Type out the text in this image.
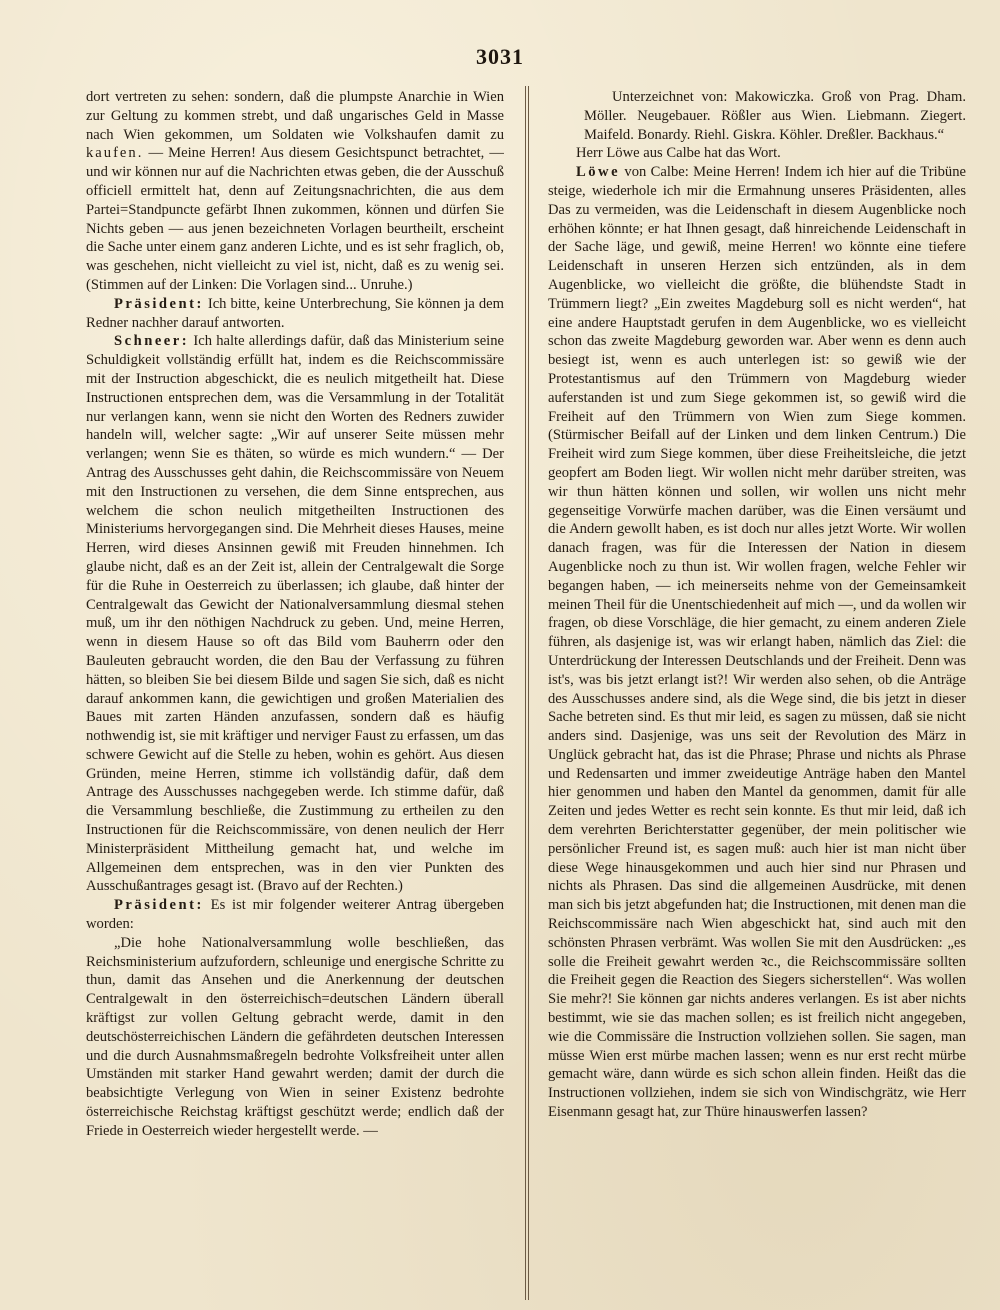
3031

dort vertreten zu sehen: sondern, daß die plumpste Anarchie in Wien zur Geltung zu kommen strebt, und daß ungarisches Geld in Masse nach Wien gekommen, um Soldaten wie Volkshaufen damit zu kaufen. — Meine Herren! Aus diesem Gesichtspunct betrachtet, — und wir können nur auf die Nachrichten etwas geben, die der Ausschuß officiell ermittelt hat, denn auf Zeitungsnachrichten, die aus dem Partei=Standpuncte gefärbt Ihnen zukommen, können und dürfen Sie Nichts geben — aus jenen bezeichneten Vorlagen beurtheilt, erscheint die Sache unter einem ganz anderen Lichte, und es ist sehr fraglich, ob, was geschehen, nicht vielleicht zu viel ist, nicht, daß es zu wenig sei. (Stimmen auf der Linken: Die Vorlagen sind... Unruhe.)

Präsident: Ich bitte, keine Unterbrechung, Sie können ja dem Redner nachher darauf antworten.

Schneer: Ich halte allerdings dafür, daß das Ministerium seine Schuldigkeit vollständig erfüllt hat, indem es die Reichscommissäre mit der Instruction abgeschickt, die es neulich mitgetheilt hat. Diese Instructionen entsprechen dem, was die Versammlung in der Totalität nur verlangen kann, wenn sie nicht den Worten des Redners zuwider handeln will, welcher sagte: „Wir auf unserer Seite müssen mehr verlangen; wenn Sie es thäten, so würde es mich wundern.“ — Der Antrag des Ausschusses geht dahin, die Reichscommissäre von Neuem mit den Instructionen zu versehen, die dem Sinne entsprechen, aus welchem die schon neulich mitgetheilten Instructionen des Ministeriums hervorgegangen sind. Die Mehrheit dieses Hauses, meine Herren, wird dieses Ansinnen gewiß mit Freuden hinnehmen. Ich glaube nicht, daß es an der Zeit ist, allein der Centralgewalt die Sorge für die Ruhe in Oesterreich zu überlassen; ich glaube, daß hinter der Centralgewalt das Gewicht der Nationalversammlung diesmal stehen muß, um ihr den nöthigen Nachdruck zu geben. Und, meine Herren, wenn in diesem Hause so oft das Bild vom Bauherrn oder den Bauleuten gebraucht worden, die den Bau der Verfassung zu führen hätten, so bleiben Sie bei diesem Bilde und sagen Sie sich, daß es nicht darauf ankommen kann, die gewichtigen und großen Materialien des Baues mit zarten Händen anzufassen, sondern daß es häufig nothwendig ist, sie mit kräftiger und nerviger Faust zu erfassen, um das schwere Gewicht auf die Stelle zu heben, wohin es gehört. Aus diesen Gründen, meine Herren, stimme ich vollständig dafür, daß dem Antrage des Ausschusses nachgegeben werde. Ich stimme dafür, daß die Versammlung beschließe, die Zustimmung zu ertheilen zu den Instructionen für die Reichscommissäre, von denen neulich der Herr Ministerpräsident Mittheilung gemacht hat, und welche im Allgemeinen dem entsprechen, was in den vier Punkten des Ausschußantrages gesagt ist. (Bravo auf der Rechten.)

Präsident: Es ist mir folgender weiterer Antrag übergeben worden:

„Die hohe Nationalversammlung wolle beschließen, das Reichsministerium aufzufordern, schleunige und energische Schritte zu thun, damit das Ansehen und die Anerkennung der deutschen Centralgewalt in den österreichisch=deutschen Ländern überall kräftigst zur vollen Geltung gebracht werde, damit in den deutschösterreichischen Ländern die gefährdeten deutschen Interessen und die durch Ausnahmsmaßregeln bedrohte Volksfreiheit unter allen Umständen mit starker Hand gewahrt werden; damit der durch die beabsichtigte Verlegung von Wien in seiner Existenz bedrohte österreichische Reichstag kräftigst geschützt werde; endlich daß der Friede in Oesterreich wieder hergestellt werde. —

Unterzeichnet von: Makowiczka. Groß von Prag. Dham. Möller. Neugebauer. Rößler aus Wien. Liebmann. Ziegert. Maifeld. Bonardy. Riehl. Giskra. Köhler. Dreßler. Backhaus.“

Herr Löwe aus Calbe hat das Wort.

Löwe von Calbe: Meine Herren! Indem ich hier auf die Tribüne steige, wiederhole ich mir die Ermahnung unseres Präsidenten, alles Das zu vermeiden, was die Leidenschaft in diesem Augenblicke noch erhöhen könnte; er hat Ihnen gesagt, daß hinreichende Leidenschaft in der Sache läge, und gewiß, meine Herren! wo könnte eine tiefere Leidenschaft in unseren Herzen sich entzünden, als in dem Augenblicke, wo vielleicht die größte, die blühendste Stadt in Trümmern liegt? „Ein zweites Magdeburg soll es nicht werden“, hat eine andere Hauptstadt gerufen in dem Augenblicke, wo es vielleicht schon das zweite Magdeburg geworden war. Aber wenn es denn auch besiegt ist, wenn es auch unterlegen ist: so gewiß wie der Protestantismus auf den Trümmern von Magdeburg wieder auferstanden ist und zum Siege gekommen ist, so gewiß wird die Freiheit auf den Trümmern von Wien zum Siege kommen. (Stürmischer Beifall auf der Linken und dem linken Centrum.) Die Freiheit wird zum Siege kommen, über diese Freiheitsleiche, die jetzt geopfert am Boden liegt. Wir wollen nicht mehr darüber streiten, was wir thun hätten können und sollen, wir wollen uns nicht mehr gegenseitige Vorwürfe machen darüber, was die Einen versäumt und die Andern gewollt haben, es ist doch nur alles jetzt Worte. Wir wollen danach fragen, was für die Interessen der Nation in diesem Augenblicke noch zu thun ist. Wir wollen fragen, welche Fehler wir begangen haben, — ich meinerseits nehme von der Gemeinsamkeit meinen Theil für die Unentschiedenheit auf mich —, und da wollen wir fragen, ob diese Vorschläge, die hier gemacht, zu einem anderen Ziele führen, als dasjenige ist, was wir erlangt haben, nämlich das Ziel: die Unterdrückung der Interessen Deutschlands und der Freiheit. Denn was ist's, was bis jetzt erlangt ist?! Wir werden also sehen, ob die Anträge des Ausschusses andere sind, als die Wege sind, die bis jetzt in dieser Sache betreten sind. Es thut mir leid, es sagen zu müssen, daß sie nicht anders sind. Dasjenige, was uns seit der Revolution des März in Unglück gebracht hat, das ist die Phrase; Phrase und nichts als Phrase und Redensarten und immer zweideutige Anträge haben den Mantel hier genommen und haben den Mantel da genommen, damit für alle Zeiten und jedes Wetter es recht sein konnte. Es thut mir leid, daß ich dem verehrten Berichterstatter gegenüber, der mein politischer wie persönlicher Freund ist, es sagen muß: auch hier ist man nicht über diese Wege hinausgekommen und auch hier sind nur Phrasen und nichts als Phrasen. Das sind die allgemeinen Ausdrücke, mit denen man sich bis jetzt abgefunden hat; die Instructionen, mit denen man die Reichscommissäre nach Wien abgeschickt hat, sind auch mit den schönsten Phrasen verbrämt. Was wollen Sie mit den Ausdrücken: „es solle die Freiheit gewahrt werden ꝛc., die Reichscommissäre sollten die Freiheit gegen die Reaction des Siegers sicherstellen“. Was wollen Sie mehr?! Sie können gar nichts anderes verlangen. Es ist aber nichts bestimmt, wie sie das machen sollen; es ist freilich nicht angegeben, wie die Commissäre die Instruction vollziehen sollen. Sie sagen, man müsse Wien erst mürbe machen lassen; wenn es nur erst recht mürbe gemacht wäre, dann würde es sich schon allein finden. Heißt das die Instructionen vollziehen, indem sie sich von Windischgrätz, wie Herr Eisenmann gesagt hat, zur Thüre hinauswerfen lassen?
